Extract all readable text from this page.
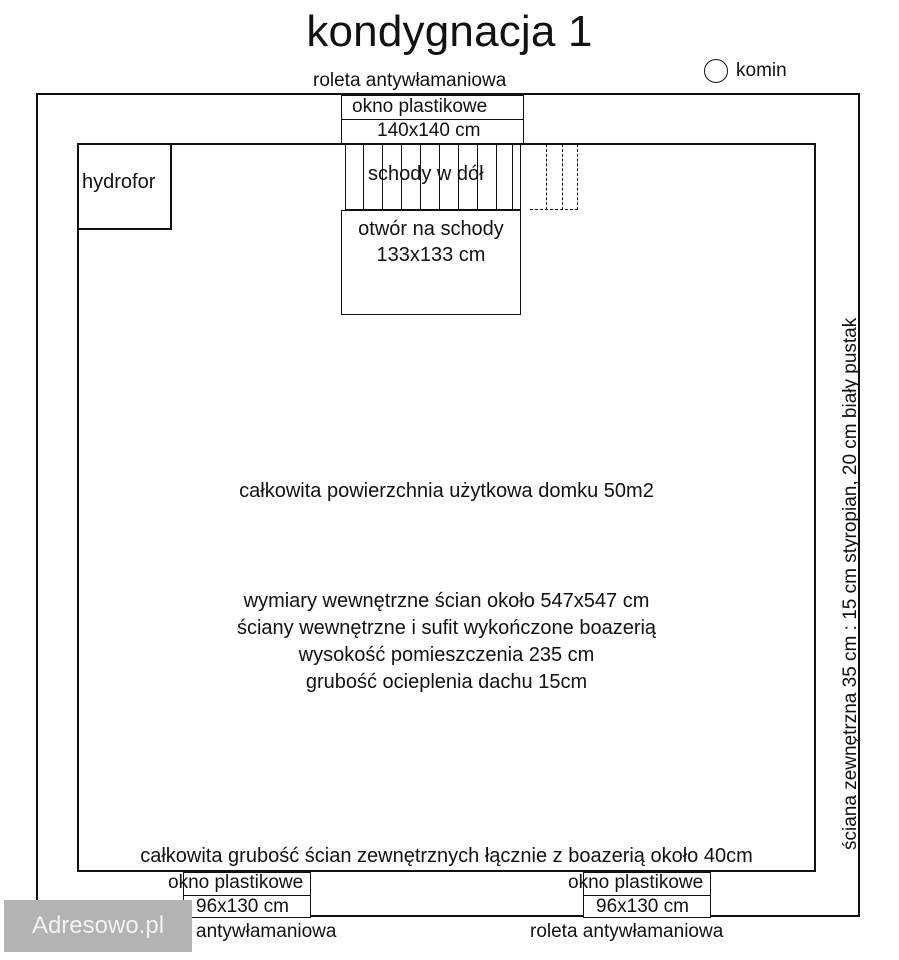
kondygnacja 1
komin
hydrofor
roleta antywłamaniowa
okno plastikowe
140x140 cm
schody w dół
otwór na schody
133x133 cm
całkowita powierzchnia użytkowa domku 50m2
wymiary wewnętrzne ścian około 547x547 cm
ściany wewnętrzne i sufit wykończone boazerią
wysokość pomieszczenia 235 cm
grubość ocieplenia dachu 15cm	ściana zewnętrzna 35 cm : 15 cm styropian, 20 cm biały pustak
całkowita grubość ścian zewnętrznych łącznie z boazerią około 40cm
okno plastikowe
96x130 cm
antywłamaniowa
okno plastikowe
96x130 cm
roleta antywłamaniowa
Adresowo.pl
